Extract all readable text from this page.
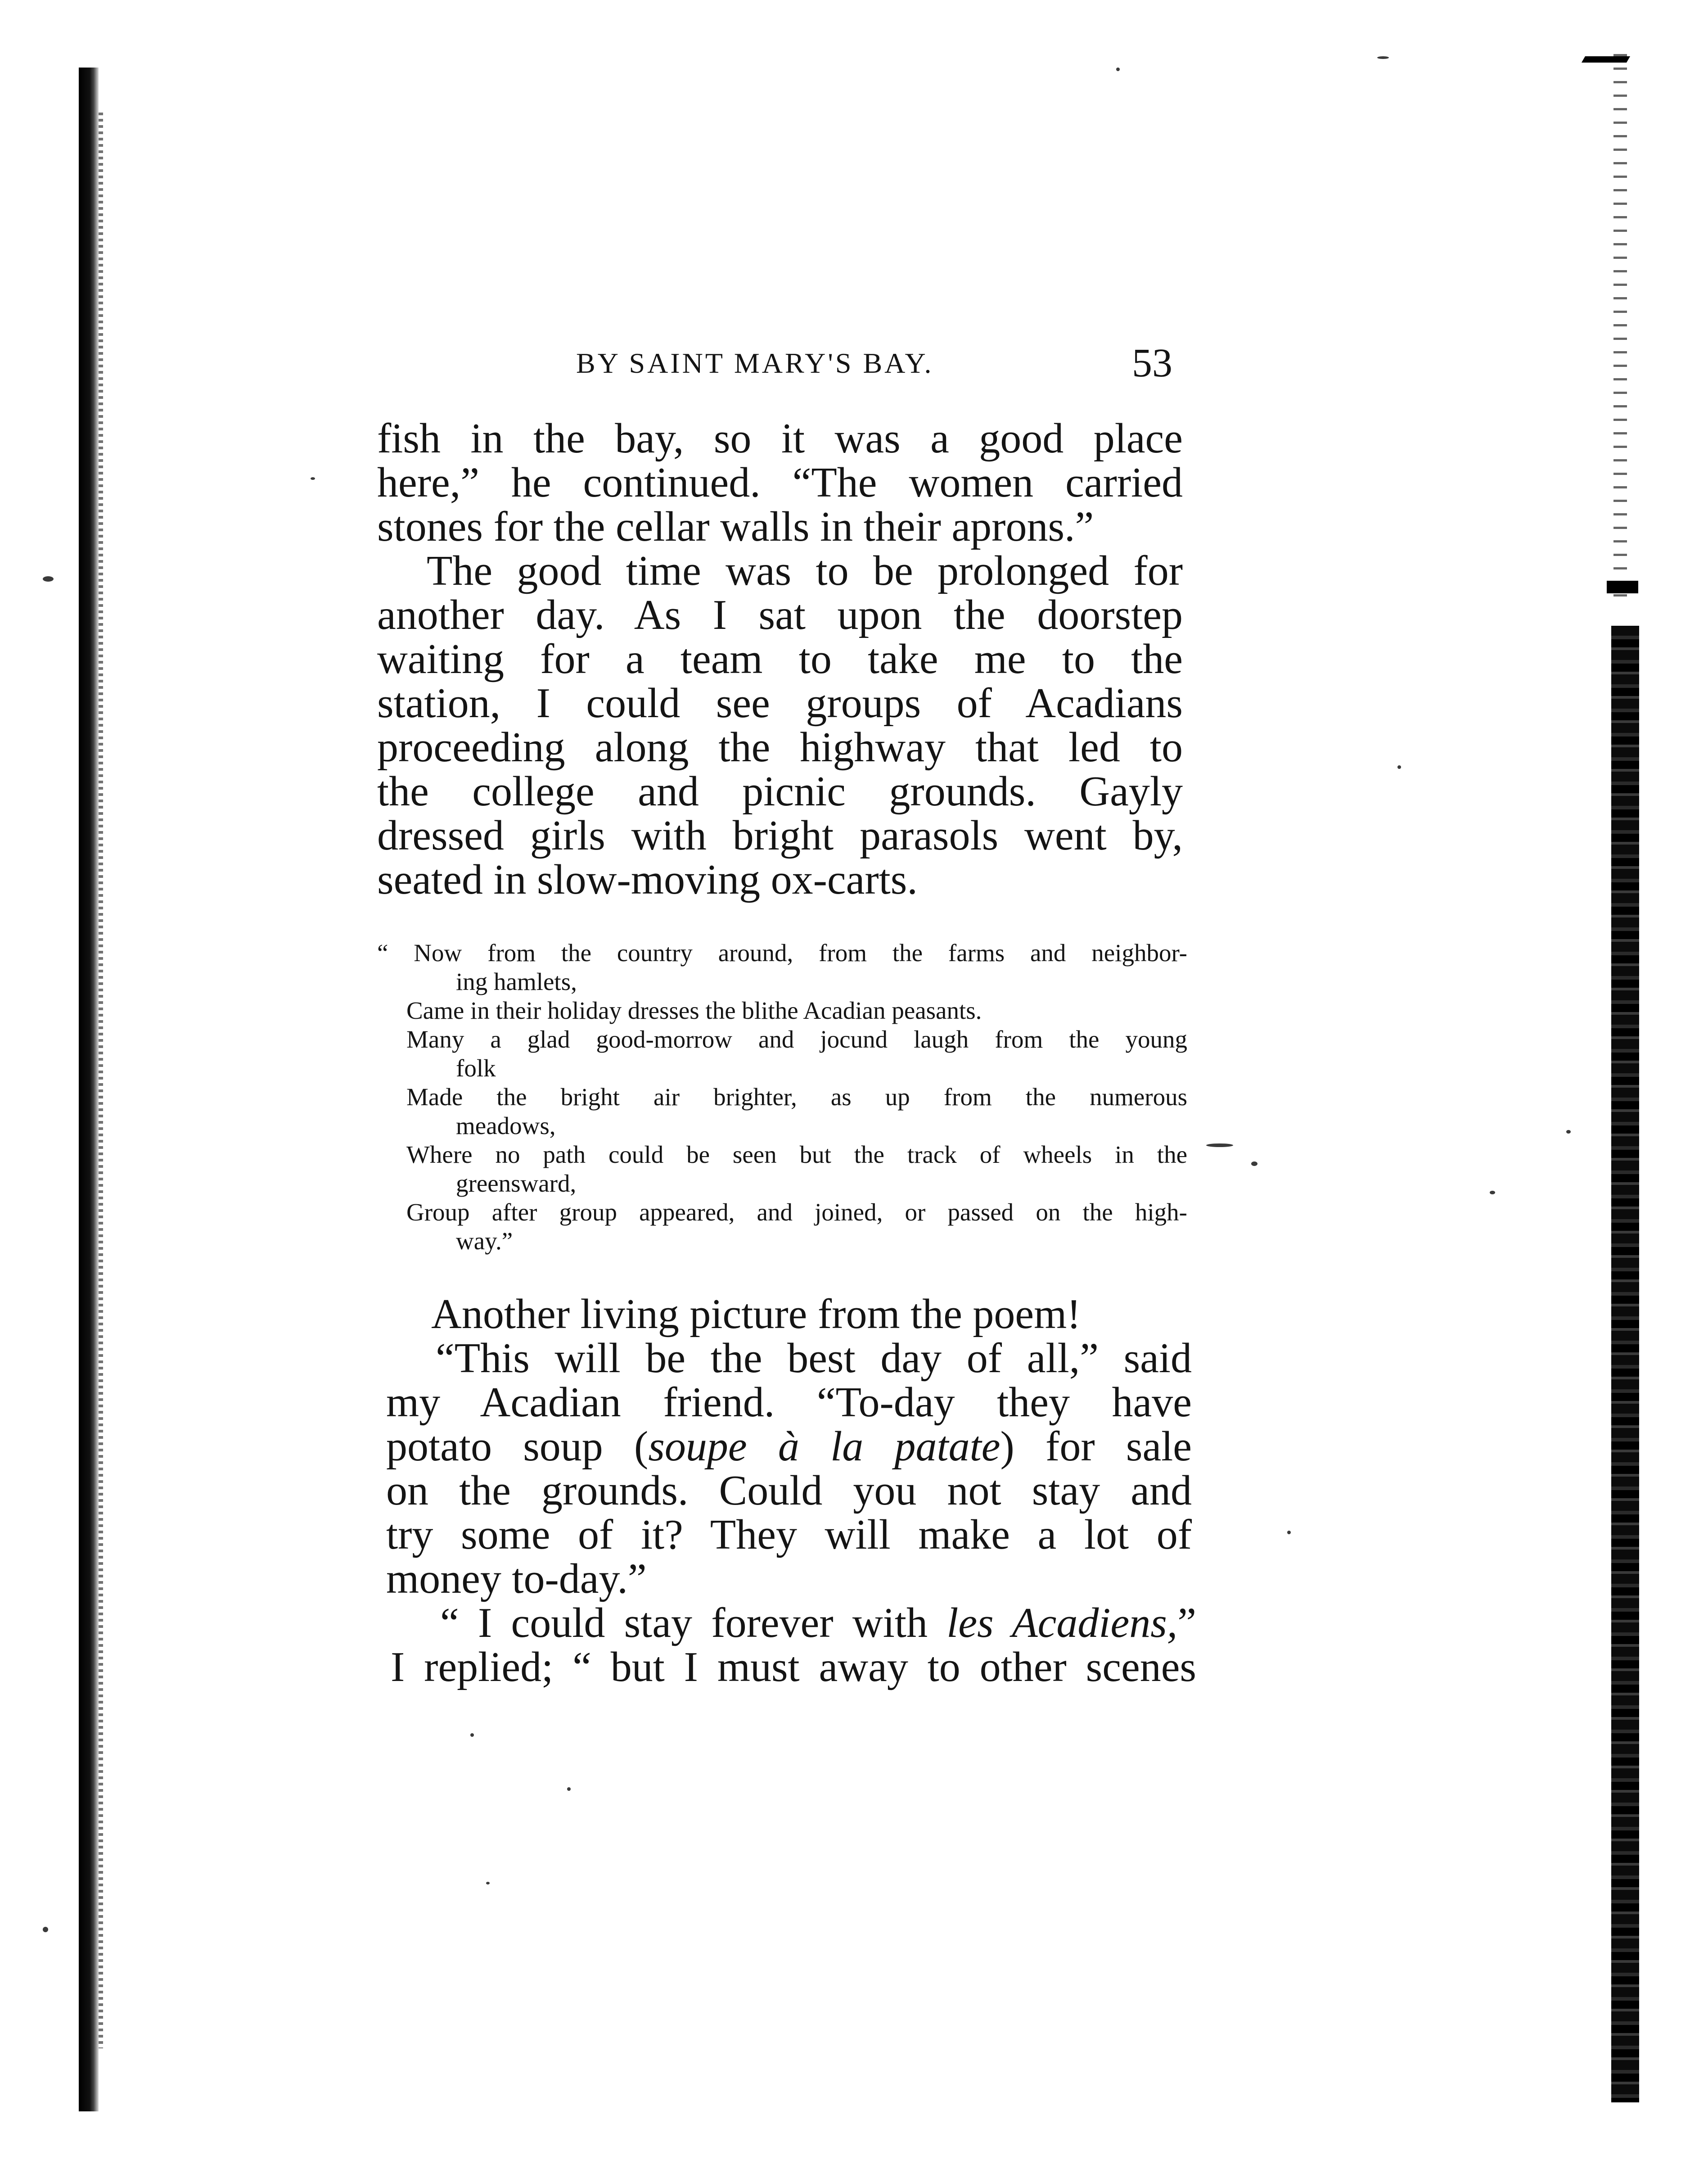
BY SAINT MARY'S BAY.	53
fish in the bay, so it was a good place
here,” he continued. “The women carried
stones for the cellar walls in their aprons.”
The good time was to be prolonged for
another day. As I sat upon the doorstep
waiting for a team to take me to the
station, I could see groups of Acadians
proceeding along the highway that led to
the college and picnic grounds. Gayly
dressed girls with bright parasols went by,
seated in slow-moving ox-carts.
“ Now from the country around, from the farms and neighbor-
ing hamlets,
Came in their holiday dresses the blithe Acadian peasants.
Many a glad good-morrow and jocund laugh from the young
folk
Made the bright air brighter, as up from the numerous
meadows,
Where no path could be seen but the track of wheels in the
greensward,
Group after group appeared, and joined, or passed on the high-
way.”
Another living picture from the poem!
“This will be the best day of all,” said
my Acadian friend. “To-day they have
potato soup (soupe à la patate) for sale
on the grounds. Could you not stay and
try some of it? They will make a lot of
money to-day.”
“ I could stay forever with les Acadiens,”
I replied; “ but I must away to other scenes
